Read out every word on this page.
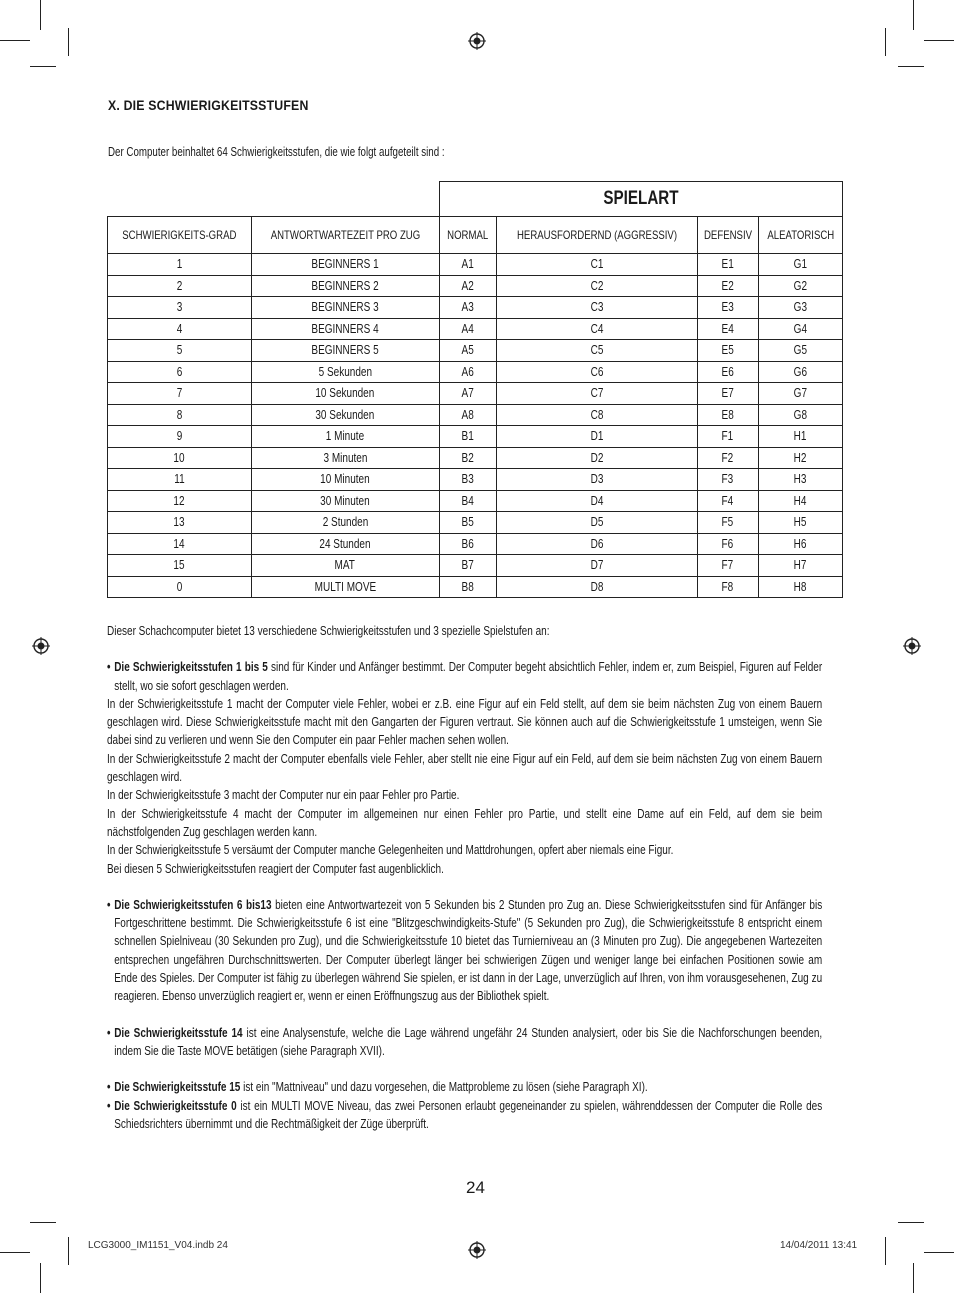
X. DIE SCHWIERIGKEITSSTUFEN
Der Computer beinhaltet 64 Schwierigkeitsstufen, die wie folgt aufgeteilt sind :
		SPIELART			
SCHWIERIGKEITS-GRAD	ANTWORTWARTEZEIT PRO ZUG	NORMAL	HERAUSFORDERND (AGGRESSIV)	DEFENSIV	ALEATORISCH
1	BEGINNERS 1	A1	C1	E1	G1
2	BEGINNERS 2	A2	C2	E2	G2
3	BEGINNERS 3	A3	C3	E3	G3
4	BEGINNERS 4	A4	C4	E4	G4
5	BEGINNERS 5	A5	C5	E5	G5
6	5 Sekunden	A6	C6	E6	G6
7	10 Sekunden	A7	C7	E7	G7
8	30 Sekunden	A8	C8	E8	G8
9	1 Minute	B1	D1	F1	H1
10	3 Minuten	B2	D2	F2	H2
11	10 Minuten	B3	D3	F3	H3
12	30 Minuten	B4	D4	F4	H4
13	2 Stunden	B5	D5	F5	H5
14	24 Stunden	B6	D6	F6	H6
15	MAT	B7	D7	F7	H7
0	MULTI MOVE	B8	D8	F8	H8

Dieser Schachcomputer bietet 13 verschiedene Schwierigkeitsstufen und 3 spezielle Spielstufen an:

• Die Schwierigkeitsstufen 1 bis 5 sind für Kinder und Anfänger bestimmt. Der Computer begeht absichtlich Fehler, indem er, zum Beispiel, Figuren auf Felder stellt, wo sie sofort geschlagen werden.

In der Schwierigkeitsstufe 1 macht der Computer viele Fehler, wobei er z.B. eine Figur auf ein Feld stellt, auf dem sie beim nächsten Zug von einem Bauern geschlagen wird. Diese Schwierigkeitsstufe macht mit den Gangarten der Figuren vertraut. Sie können auch auf die Schwierigkeitsstufe 1 umsteigen, wenn Sie dabei sind zu verlieren und wenn Sie den Computer ein paar Fehler machen sehen wollen.

In der Schwierigkeitsstufe 2 macht der Computer ebenfalls viele Fehler, aber stellt nie eine Figur auf ein Feld, auf dem sie beim nächsten Zug von einem Bauern geschlagen wird.

In der Schwierigkeitsstufe 3 macht der Computer nur ein paar Fehler pro Partie.

In der Schwierigkeitsstufe 4 macht der Computer im allgemeinen nur einen Fehler pro Partie, und stellt eine Dame auf ein Feld, auf dem sie beim nächstfolgenden Zug geschlagen werden kann.

In der Schwierigkeitsstufe 5 versäumt der Computer manche Gelegenheiten und Mattdrohungen, opfert aber niemals eine Figur.

Bei diesen 5 Schwierigkeitsstufen reagiert der Computer fast augenblicklich.

• Die Schwierigkeitsstufen 6 bis13 bieten eine Antwortwartezeit von 5 Sekunden bis 2 Stunden pro Zug an. Diese Schwierigkeitsstufen sind für Anfänger bis Fortgeschrittene bestimmt. Die Schwierigkeitsstufe 6 ist eine "Blitzgeschwindigkeits-Stufe" (5 Sekunden pro Zug), die Schwierigkeitsstufe 8 entspricht einem schnellen Spielniveau (30 Sekunden pro Zug), und die Schwierigkeitsstufe 10 bietet das Turnierniveau an (3 Minuten pro Zug). Die angegebenen Wartezeiten entsprechen ungefähren Durchschnittswerten. Der Computer überlegt länger bei schwierigen Zügen und weniger lange bei einfachen Positionen sowie am Ende des Spieles. Der Computer ist fähig zu überlegen während Sie spielen, er ist dann in der Lage, unverzüglich auf Ihren, von ihm vorausgesehenen, Zug zu reagieren. Ebenso unverzüglich reagiert er, wenn er einen Eröffnungszug aus der Bibliothek spielt.

• Die Schwierigkeitsstufe 14 ist eine Analysenstufe, welche die Lage während ungefähr 24 Stunden analysiert, oder bis Sie die Nachforschungen beenden, indem Sie die Taste MOVE betätigen (siehe Paragraph XVII).

• Die Schwierigkeitsstufe 15 ist ein "Mattniveau" und dazu vorgesehen, die Mattprobleme zu lösen (siehe Paragraph XI).

• Die Schwierigkeitsstufe 0 ist ein MULTI MOVE Niveau, das zwei Personen erlaubt gegeneinander zu spielen, währenddessen der Computer die Rolle des Schiedsrichters übernimmt und die Rechtmäßigkeit der Züge überprüft.

24
LCG3000_IM1151_V04.indb 24	14/04/2011 13:41
